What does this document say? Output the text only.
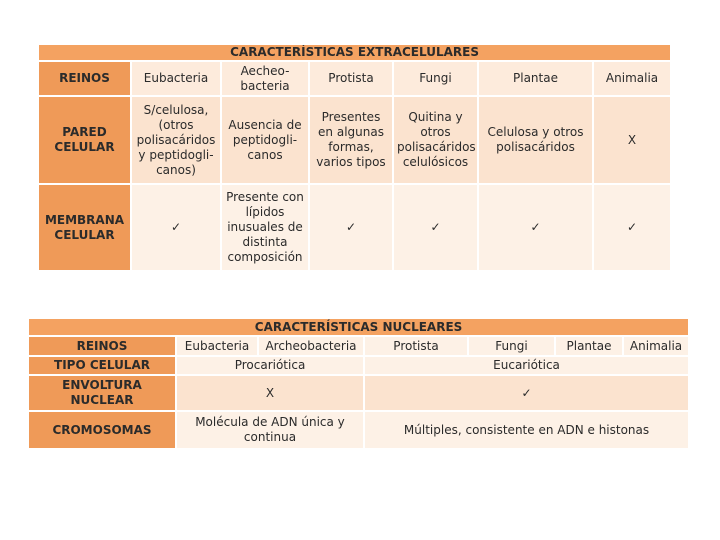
CARACTERÍSTICAS EXTRACELULARES						
REINOS	Eubacteria	Aecheo-bacteria	Protista	Fungi	Plantae	Animalia
PARED CELULAR	S/celulosa, (otros polisacáridos y peptidogli-canos)	Ausencia de peptidogli-canos	Presentes en algunas formas, varios tipos	Quitina y otros polisacáridos celulósicos	Celulosa y otros polisacáridos	X
MEMBRANA CELULAR	✓	Presente con lípidos inusuales de distinta composición	✓	✓	✓	✓
CARACTERÍSTICAS NUCLEARES						
REINOS	Eubacteria	Archeobacteria	Protista	Fungi	Plantae	Animalia
TIPO CELULAR	Procariótica		Eucariótica			
ENVOLTURA NUCLEAR	X		✓			
CROMOSOMAS	Molécula de ADN única y continua		Múltiples, consistente en ADN e histonas			
